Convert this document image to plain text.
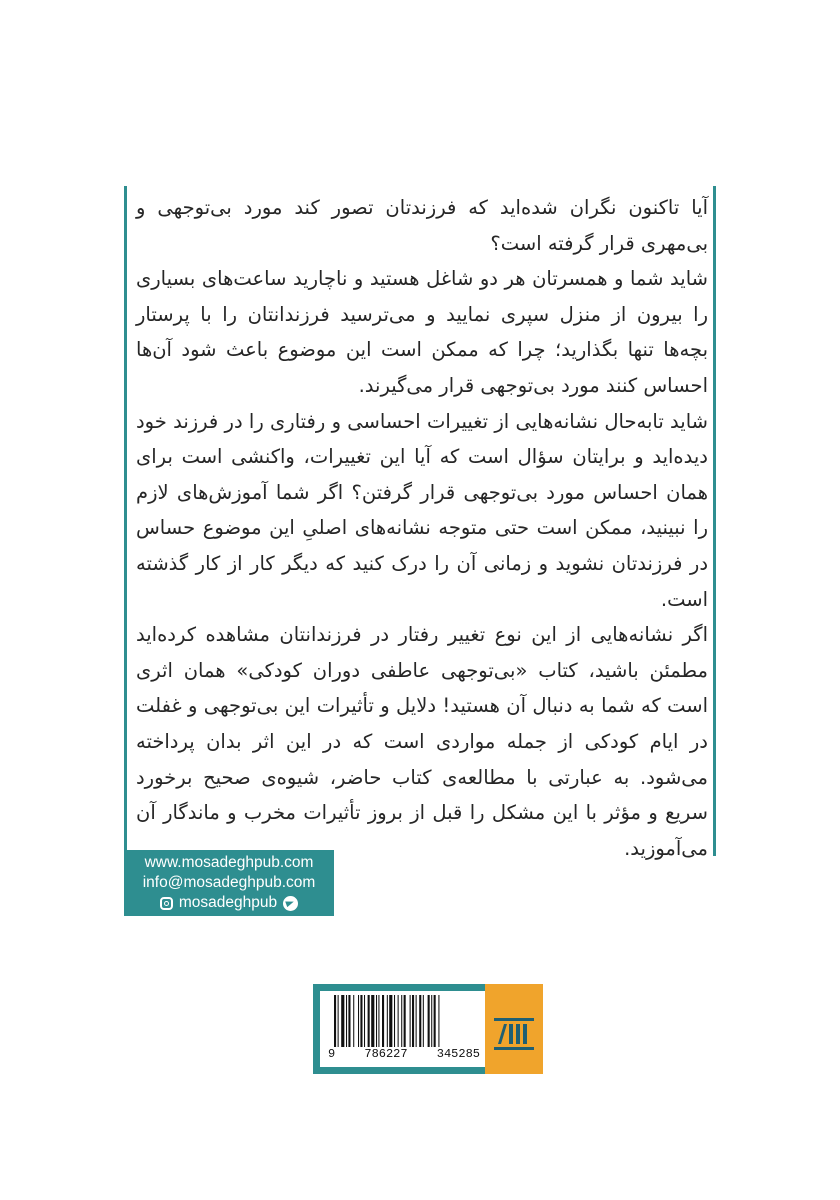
آیا تاکنون نگران شده‌اید که فرزندتان تصور کند مورد بی‌توجهی و بی‌مهری قرار گرفته است؟

شاید شما و همسرتان هر دو شاغل هستید و ناچارید ساعت‌های بسیاری را بیرون از منزل سپری نمایید و می‌ترسید فرزندانتان را با پرستار بچه‌ها تنها بگذارید؛ چرا که ممکن است این موضوع باعث شود آن‌ها احساس کنند مورد بی‌توجهی قرار می‌گیرند.

شاید تابه‌حال نشانه‌هایی از تغییرات احساسی و رفتاری را در فرزند خود دیده‌اید و برایتان سؤال است که آیا این تغییرات، واکنشی است برای همان احساس مورد بی‌توجهی قرار گرفتن؟ اگر شما آموزش‌های لازم را نبینید، ممکن است حتی متوجه نشانه‌های اصلیِ این موضوع حساس در فرزندتان نشوید و زمانی آن را درک کنید که دیگر کار از کار گذشته است.

اگر نشانه‌هایی از این نوع تغییر رفتار در فرزندانتان مشاهده کرده‌اید مطمئن باشید، کتاب «بی‌توجهی عاطفی دوران کودکی» همان اثری است که شما به دنبال آن هستید! دلایل و تأثیرات این بی‌توجهی و غفلت در ایام کودکی از جمله مواردی است که در این اثر بدان پرداخته می‌شود. به عبارتی با مطالعه‌ی کتاب حاضر، شیوه‌ی صحیح برخورد سریع و مؤثر با این مشکل را قبل از بروز تأثیرات مخرب و ماندگار آن می‌آموزید.

www.mosadeghpub.com
info@mosadeghpub.com
mosadeghpub
9 786227 345285
